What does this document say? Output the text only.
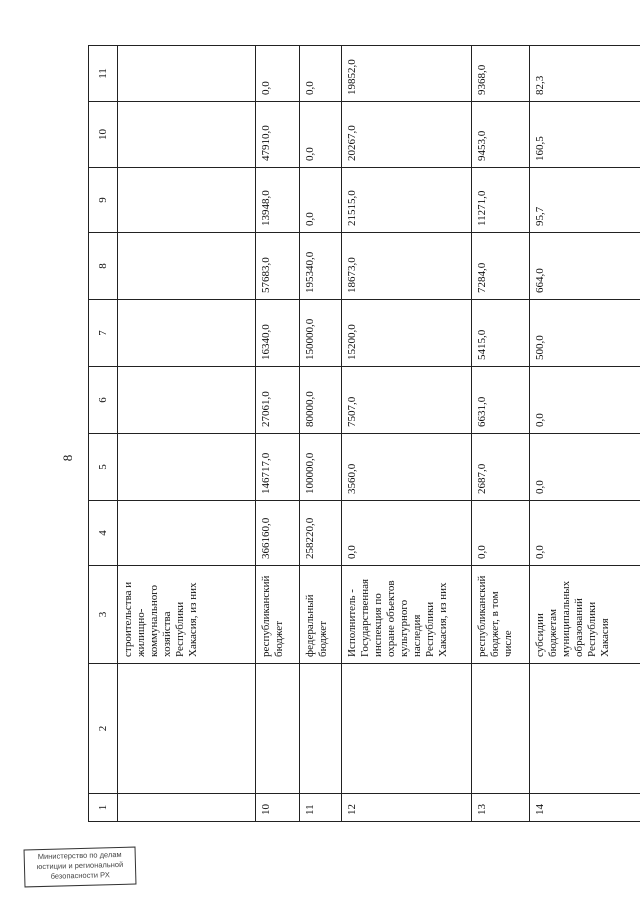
8
1	2	3	4	5	6	7	8	9	10	11
		строительства и жилищно-коммунального хозяйства Республики Хакасия, из них								
10		республиканский бюджет	366160,0	146717,0	27061,0	16340,0	57683,0	13948,0	47910,0	0,0
11		федеральный бюджет	258220,0	100000,0	80000,0	150000,0	195340,0	0,0	0,0	0,0
12		Исполнитель - Государственная инспекция по охране объектов культурного наследия Республики Хакасия, из них	0,0	3560,0	7507,0	15200,0	18673,0	21515,0	20267,0	19852,0
13		республиканский бюджет, в том числе	0,0	2687,0	6631,0	5415,0	7284,0	11271,0	9453,0	9368,0
14		субсидии бюджетам муниципальных образований Республики Хакасия	0,0	0,0	0,0	500,0	664,0	95,7	160,5	82,3
Министерство по делам юстиции и региональной безопасности РХ
